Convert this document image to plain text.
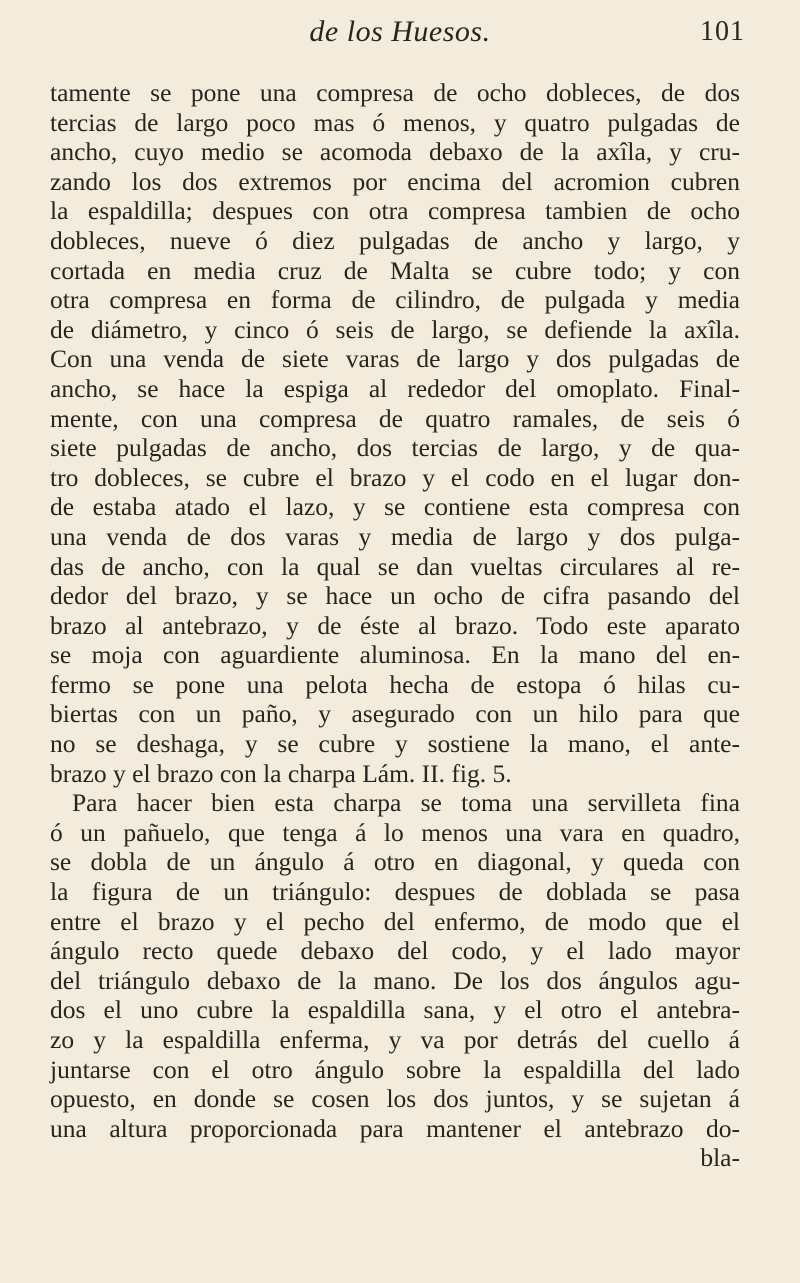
de los Huesos.	101
tamente se pone una compresa de ocho dobleces, de dos
tercias de largo poco mas ó menos, y quatro pulgadas de
ancho, cuyo medio se acomoda debaxo de la axîla, y cru-
zando los dos extremos por encima del acromion cubren
la espaldilla; despues con otra compresa tambien de ocho
dobleces, nueve ó diez pulgadas de ancho y largo, y
cortada en media cruz de Malta se cubre todo; y con
otra compresa en forma de cilindro, de pulgada y media
de diámetro, y cinco ó seis de largo, se defiende la axîla.
Con una venda de siete varas de largo y dos pulgadas de
ancho, se hace la espiga al rededor del omoplato. Final-
mente, con una compresa de quatro ramales, de seis ó
siete pulgadas de ancho, dos tercias de largo, y de qua-
tro dobleces, se cubre el brazo y el codo en el lugar don-
de estaba atado el lazo, y se contiene esta compresa con
una venda de dos varas y media de largo y dos pulga-
das de ancho, con la qual se dan vueltas circulares al re-
dedor del brazo, y se hace un ocho de cifra pasando del
brazo al antebrazo, y de éste al brazo. Todo este aparato
se moja con aguardiente aluminosa. En la mano del en-
fermo se pone una pelota hecha de estopa ó hilas cu-
biertas con un paño, y asegurado con un hilo para que
no se deshaga, y se cubre y sostiene la mano, el ante-
brazo y el brazo con la charpa Lám. II. fig. 5.
Para hacer bien esta charpa se toma una servilleta fina
ó un pañuelo, que tenga á lo menos una vara en quadro,
se dobla de un ángulo á otro en diagonal, y queda con
la figura de un triángulo: despues de doblada se pasa
entre el brazo y el pecho del enfermo, de modo que el
ángulo recto quede debaxo del codo, y el lado mayor
del triángulo debaxo de la mano. De los dos ángulos agu-
dos el uno cubre la espaldilla sana, y el otro el antebra-
zo y la espaldilla enferma, y va por detrás del cuello á
juntarse con el otro ángulo sobre la espaldilla del lado
opuesto, en donde se cosen los dos juntos, y se sujetan á
una altura proporcionada para mantener el antebrazo do-
bla-
